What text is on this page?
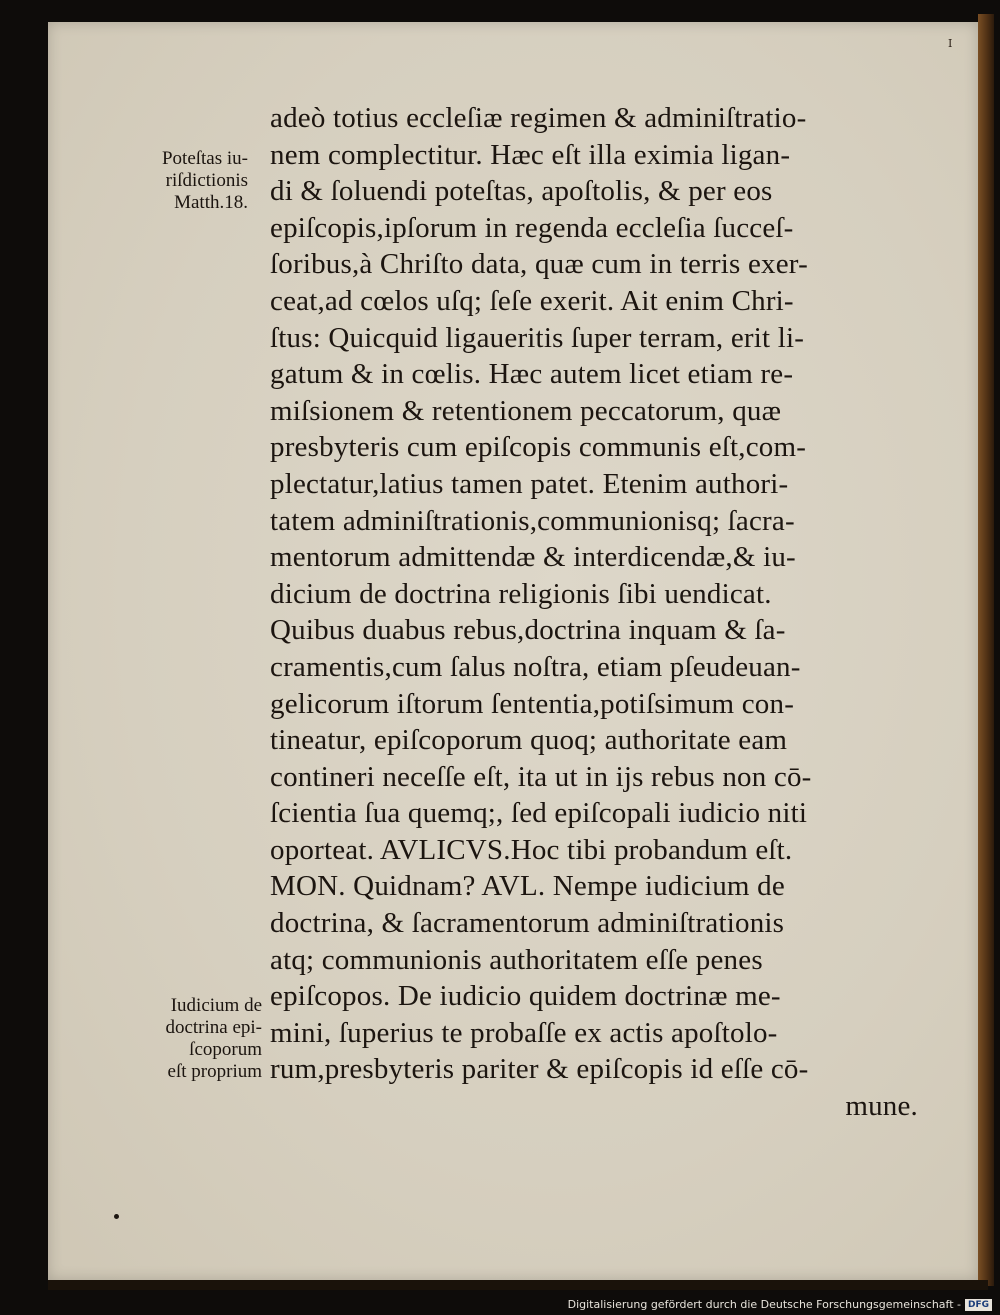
I
Poteſtas iu-
riſdictionis
Matth.18.
Iudicium de
doctrina epi-
ſcoporum
eſt proprium
adeò totius eccleſiæ regimen & adminiſtratio-
nem complectitur. Hæc eſt illa eximia ligan-
di & ſoluendi poteſtas, apoſtolis, & per eos
epiſcopis,ipſorum in regenda eccleſia ſucceſ-
ſoribus,à Chriſto data, quæ cum in terris exer-
ceat,ad cœlos uſq; ſeſe exerit. Ait enim Chri-
ſtus: Quicquid ligaueritis ſuper terram, erit li-
gatum & in cœlis. Hæc autem licet etiam re-
miſsionem & retentionem peccatorum, quæ
presbyteris cum epiſcopis communis eſt,com-
plectatur,latius tamen patet. Etenim authori-
tatem adminiſtrationis,communionisq; ſacra-
mentorum admittendæ & interdicendæ,& iu-
dicium de doctrina religionis ſibi uendicat.
Quibus duabus rebus,doctrina inquam & ſa-
cramentis,cum ſalus noſtra, etiam pſeudeuan-
gelicorum iſtorum ſententia,potiſsimum con-
tineatur, epiſcoporum quoq; authoritate eam
contineri neceſſe eſt, ita ut in ijs rebus non cō-
ſcientia ſua quemq;, ſed epiſcopali iudicio niti
oporteat. AVLICVS.Hoc tibi probandum eſt.
MON. Quidnam? AVL. Nempe iudicium de
doctrina, & ſacramentorum adminiſtrationis
atq; communionis authoritatem eſſe penes
epiſcopos. De iudicio quidem doctrinæ me-
mini, ſuperius te probaſſe ex actis apoſtolo-
rum,presbyteris pariter & epiſcopis id eſſe cō-
mune.
Digitalisierung gefördert durch die Deutsche Forschungsgemeinschaft - DFG
